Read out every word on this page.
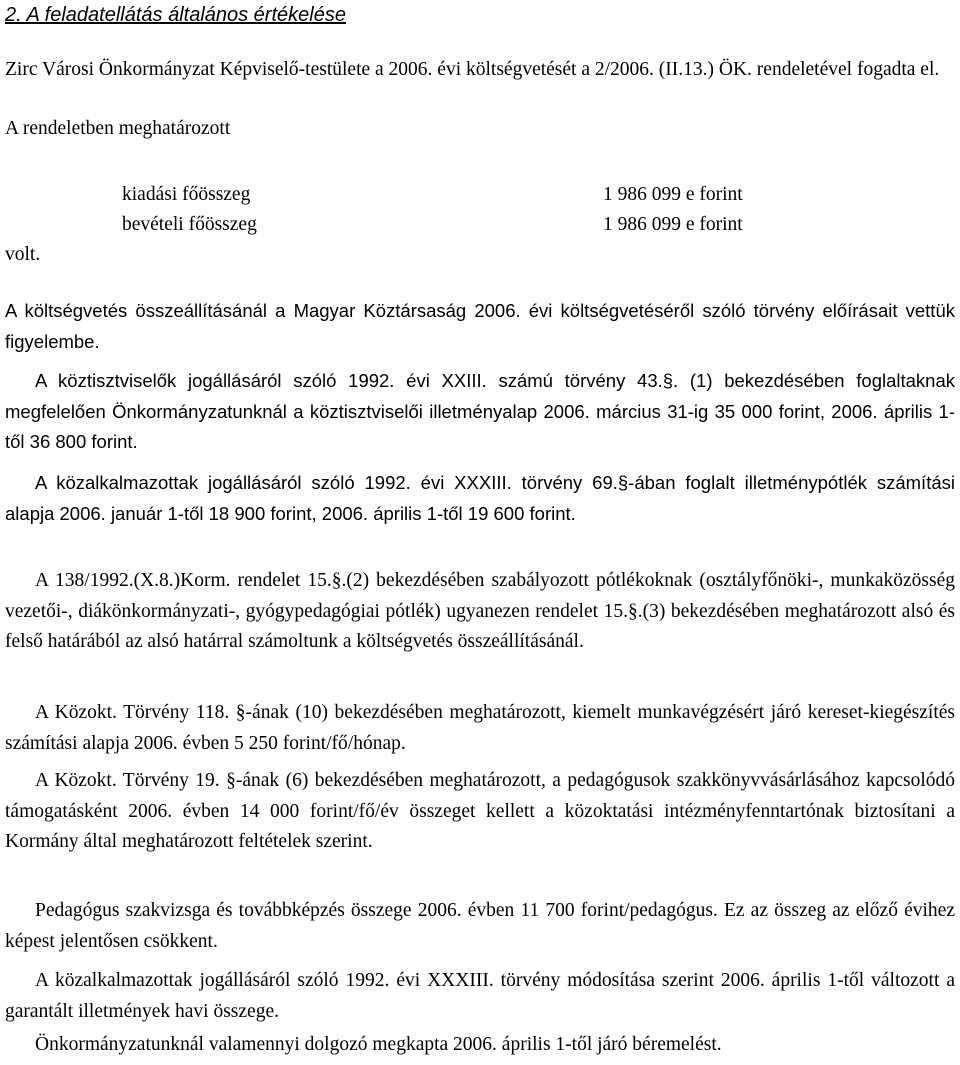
2. A feladatellátás általános értékelése
Zirc Városi Önkormányzat Képviselő-testülete a 2006. évi költségvetését a 2/2006. (II.13.) ÖK. rendeletével fogadta el.
A rendeletben meghatározott
kiadási főösszeg	1 986 099 e forint
bevételi főösszeg	1 986 099 e forint
volt.
A költségvetés összeállításánál a Magyar Köztársaság 2006. évi költségvetéséről szóló törvény előírásait vettük figyelembe.
A köztisztviselők jogállásáról szóló 1992. évi XXIII. számú törvény 43.§. (1) bekezdésében foglaltaknak megfelelően Önkormányzatunknál a köztisztviselői illetményalap 2006. március 31-ig 35 000 forint, 2006. április 1-től 36 800 forint.
A közalkalmazottak jogállásáról szóló 1992. évi XXXIII. törvény 69.§-ában foglalt illetménypótlék számítási alapja 2006. január 1-től 18 900 forint, 2006. április 1-től 19 600 forint.
A 138/1992.(X.8.)Korm. rendelet 15.§.(2) bekezdésében szabályozott pótlékoknak (osztályfőnöki-, munkaközösség vezetői-, diákönkormányzati-, gyógypedagógiai pótlék) ugyanezen rendelet 15.§.(3) bekezdésében meghatározott alsó és felső határából az alsó határral számoltunk a költségvetés összeállításánál.
A Közokt. Törvény 118. §-ának (10) bekezdésében meghatározott, kiemelt munkavégzésért járó kereset-kiegészítés számítási alapja 2006. évben 5 250 forint/fő/hónap.
A Közokt. Törvény 19. §-ának (6) bekezdésében meghatározott, a pedagógusok szakkönyvvásárlásához kapcsolódó támogatásként 2006. évben 14 000 forint/fő/év összeget kellett a közoktatási intézményfenntartónak biztosítani a Kormány által meghatározott feltételek szerint.
Pedagógus szakvizsga és továbbképzés összege 2006. évben 11 700 forint/pedagógus. Ez az összeg az előző évihez képest jelentősen csökkent.
A közalkalmazottak jogállásáról szóló 1992. évi XXXIII. törvény módosítása szerint 2006. április 1-től változott a garantált illetmények havi összege.
Önkormányzatunknál valamennyi dolgozó megkapta 2006. április 1-től járó béremelést.
